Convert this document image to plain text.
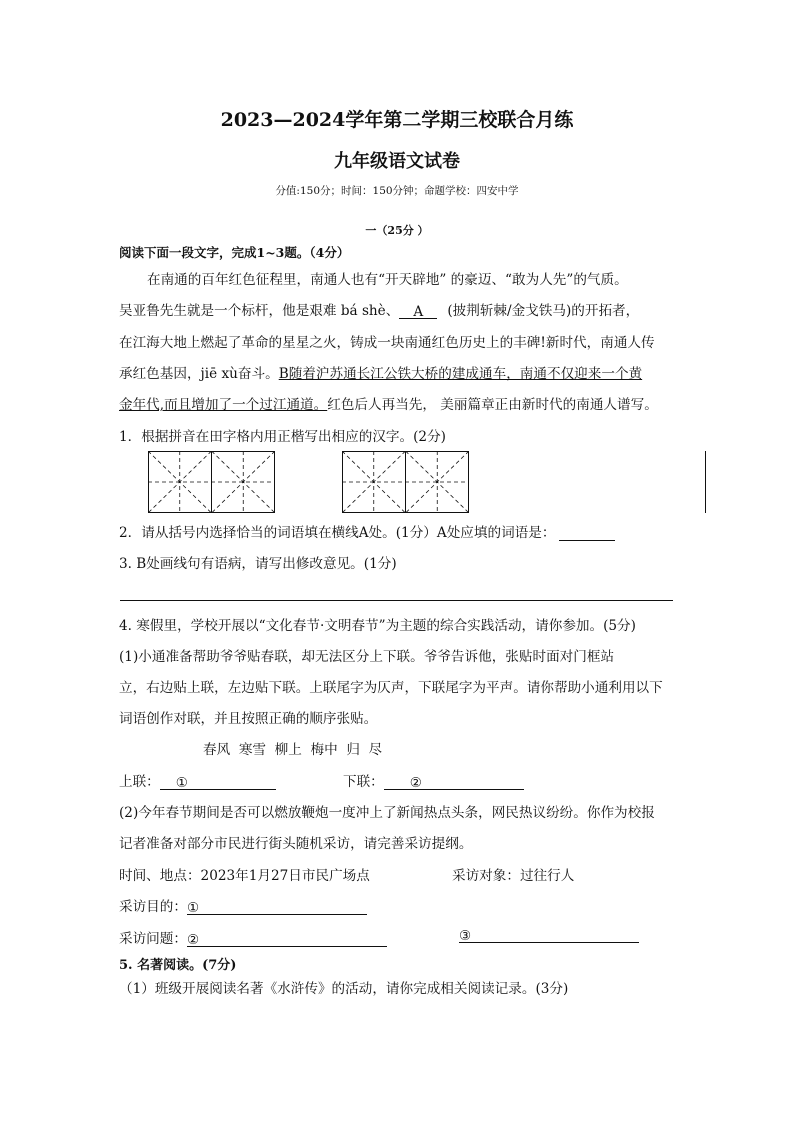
2023—2024学年第二学期三校联合月练
九年级语文试卷
分值:150分；时间：150分钟；命题学校：四安中学
一（25分 ）
阅读下面一段文字，完成1~3题。（4分）
在南通的百年红色征程里，南通人也有“开天辟地” 的豪迈、“敢为人先”的气质。
吴亚鲁先生就是一个标杆，他是艰难 bá shè、 A (披荆斩棘/金戈铁马)的开拓者，
在江海大地上燃起了革命的星星之火，铸成一块南通红色历史上的丰碑!新时代，南通人传
承红色基因，jiē xù奋斗。B随着沪苏通长江公铁大桥的建成通车，南通不仅迎来一个黄
金年代,而且增加了一个过江通道。红色后人再当先， 美丽篇章正由新时代的南通人谱写。
1．根据拼音在田字格内用正楷写出相应的汉字。(2分)
2．请从括号内选择恰当的词语填在横线A处。(1分）A处应填的词语是：
3. B处画线句有语病，请写出修改意见。(1分)
4. 寒假里，学校开展以“文化春节·文明春节”为主题的综合实践活动，请你参加。(5分)
(1)小通准备帮助爷爷贴春联，却无法区分上下联。爷爷告诉他，张贴时面对门框站
立，右边贴上联，左边贴下联。上联尾字为仄声，下联尾字为平声。请你帮助小通利用以下
词语创作对联，并且按照正确的顺序张贴。
春风  寒雪  柳上  梅中  归  尽
上联： ①	下联： ②
(2)今年春节期间是否可以燃放鞭炮一度冲上了新闻热点头条，网民热议纷纷。你作为校报
记者准备对部分市民进行街头随机采访，请完善采访提纲。
时间、地点：2023年1月27日市民广场点	采访对象：过往行人
采访目的：①
采访问题：②	③
5. 名著阅读。(7分)
（1）班级开展阅读名著《水浒传》的活动，请你完成相关阅读记录。(3分)
